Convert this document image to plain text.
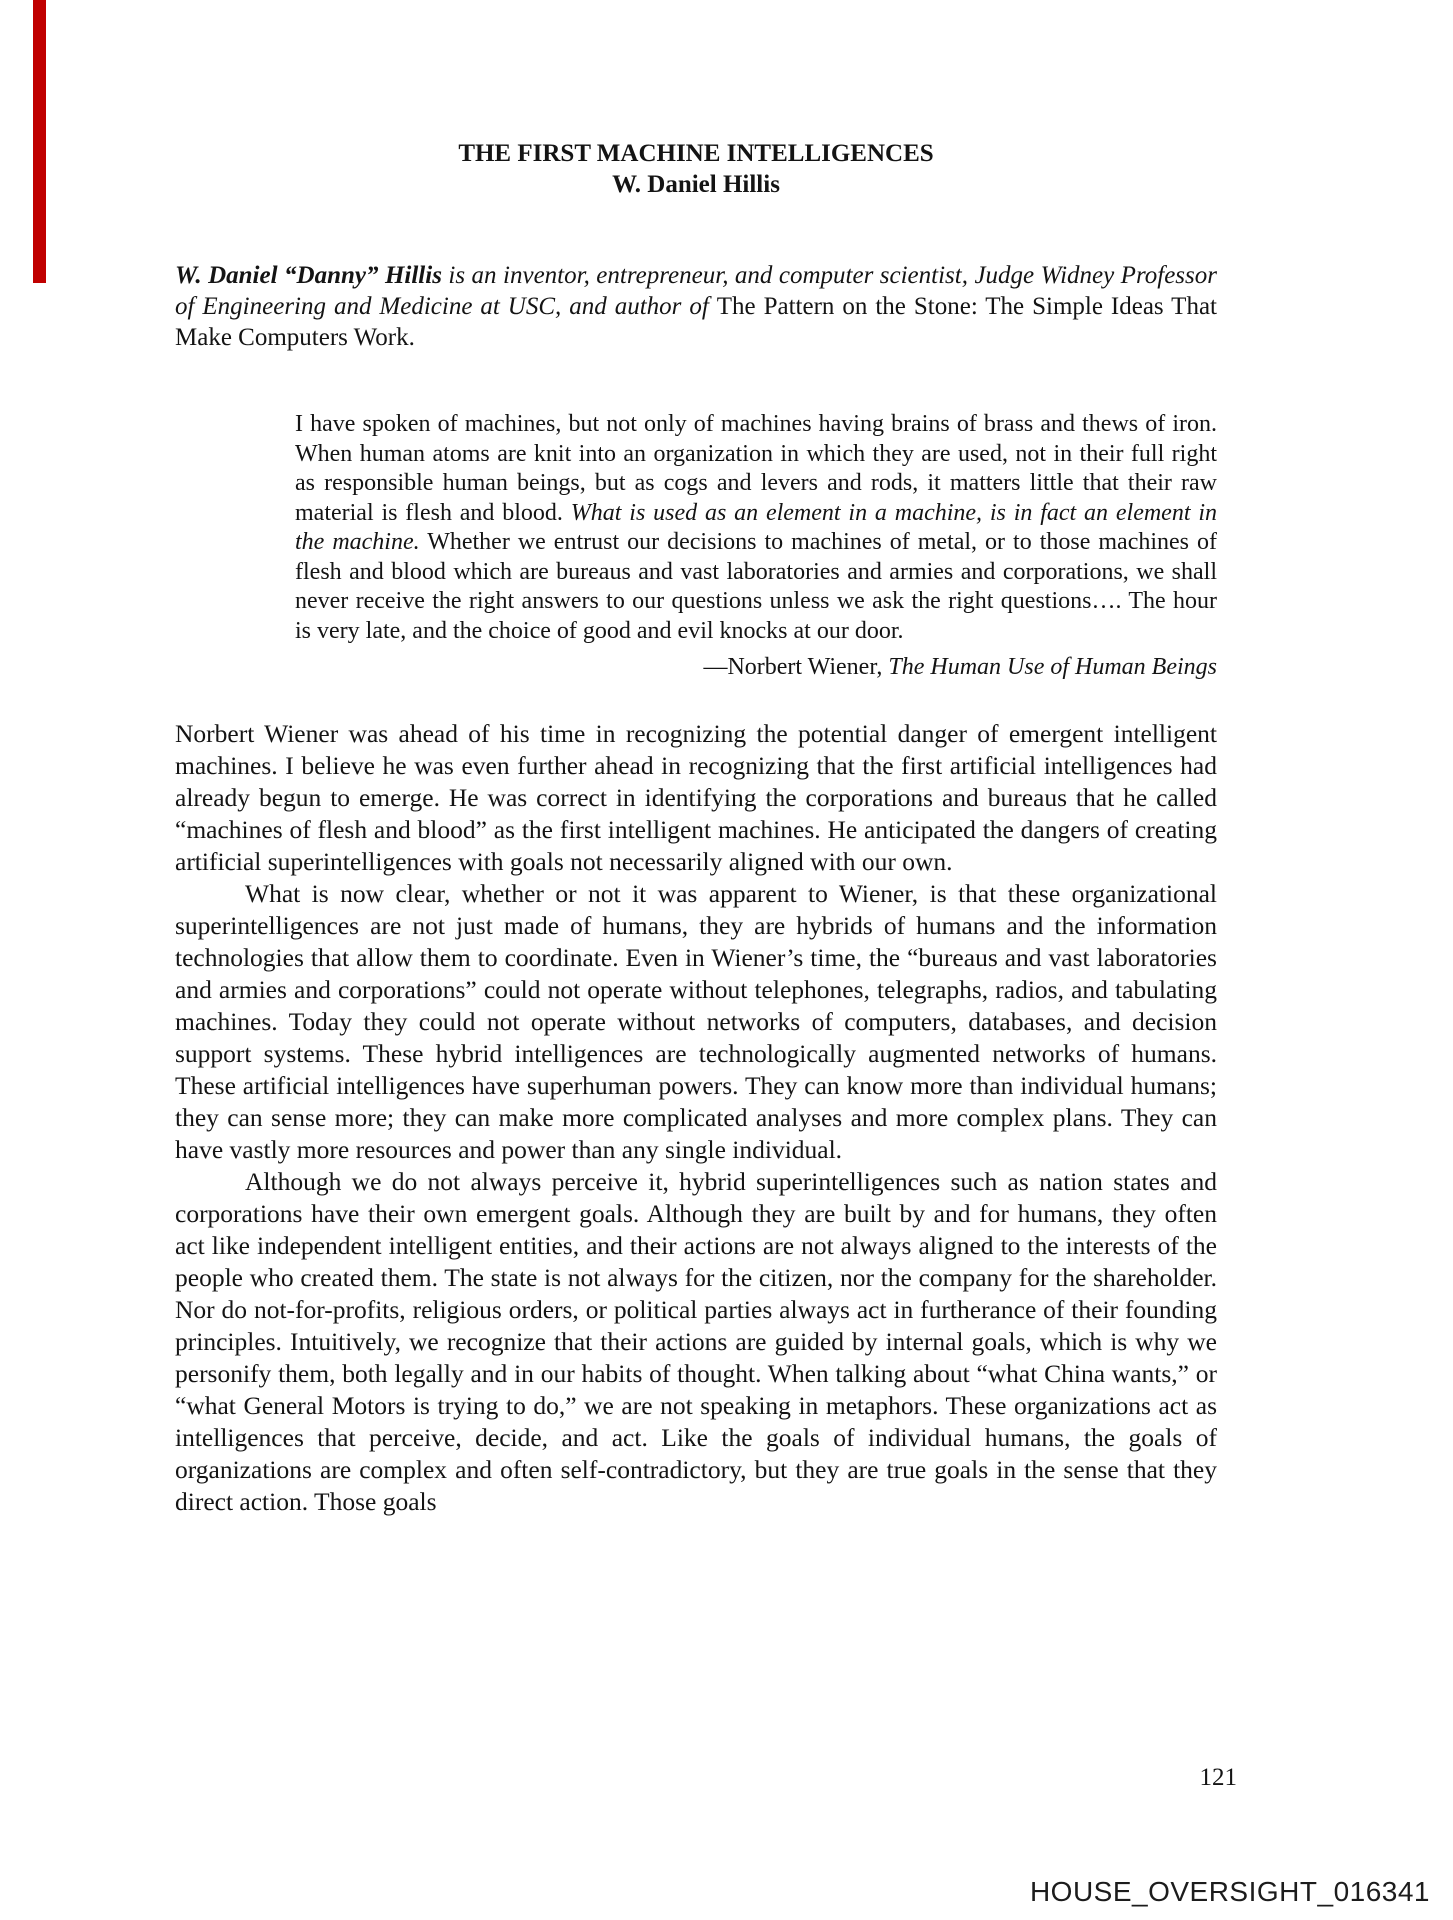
THE FIRST MACHINE INTELLIGENCES
W. Daniel Hillis
W. Daniel “Danny” Hillis is an inventor, entrepreneur, and computer scientist, Judge Widney Professor of Engineering and Medicine at USC, and author of The Pattern on the Stone: The Simple Ideas That Make Computers Work.
I have spoken of machines, but not only of machines having brains of brass and thews of iron. When human atoms are knit into an organization in which they are used, not in their full right as responsible human beings, but as cogs and levers and rods, it matters little that their raw material is flesh and blood. What is used as an element in a machine, is in fact an element in the machine. Whether we entrust our decisions to machines of metal, or to those machines of flesh and blood which are bureaus and vast laboratories and armies and corporations, we shall never receive the right answers to our questions unless we ask the right questions…. The hour is very late, and the choice of good and evil knocks at our door.
—Norbert Wiener, The Human Use of Human Beings

Norbert Wiener was ahead of his time in recognizing the potential danger of emergent intelligent machines. I believe he was even further ahead in recognizing that the first artificial intelligences had already begun to emerge. He was correct in identifying the corporations and bureaus that he called “machines of flesh and blood” as the first intelligent machines. He anticipated the dangers of creating artificial superintelligences with goals not necessarily aligned with our own.

What is now clear, whether or not it was apparent to Wiener, is that these organizational superintelligences are not just made of humans, they are hybrids of humans and the information technologies that allow them to coordinate. Even in Wiener’s time, the “bureaus and vast laboratories and armies and corporations” could not operate without telephones, telegraphs, radios, and tabulating machines. Today they could not operate without networks of computers, databases, and decision support systems. These hybrid intelligences are technologically augmented networks of humans. These artificial intelligences have superhuman powers. They can know more than individual humans; they can sense more; they can make more complicated analyses and more complex plans. They can have vastly more resources and power than any single individual.

Although we do not always perceive it, hybrid superintelligences such as nation states and corporations have their own emergent goals. Although they are built by and for humans, they often act like independent intelligent entities, and their actions are not always aligned to the interests of the people who created them. The state is not always for the citizen, nor the company for the shareholder. Nor do not-for-profits, religious orders, or political parties always act in furtherance of their founding principles. Intuitively, we recognize that their actions are guided by internal goals, which is why we personify them, both legally and in our habits of thought. When talking about “what China wants,” or “what General Motors is trying to do,” we are not speaking in metaphors. These organizations act as intelligences that perceive, decide, and act. Like the goals of individual humans, the goals of organizations are complex and often self-contradictory, but they are true goals in the sense that they direct action. Those goals

121
HOUSE_OVERSIGHT_016341
